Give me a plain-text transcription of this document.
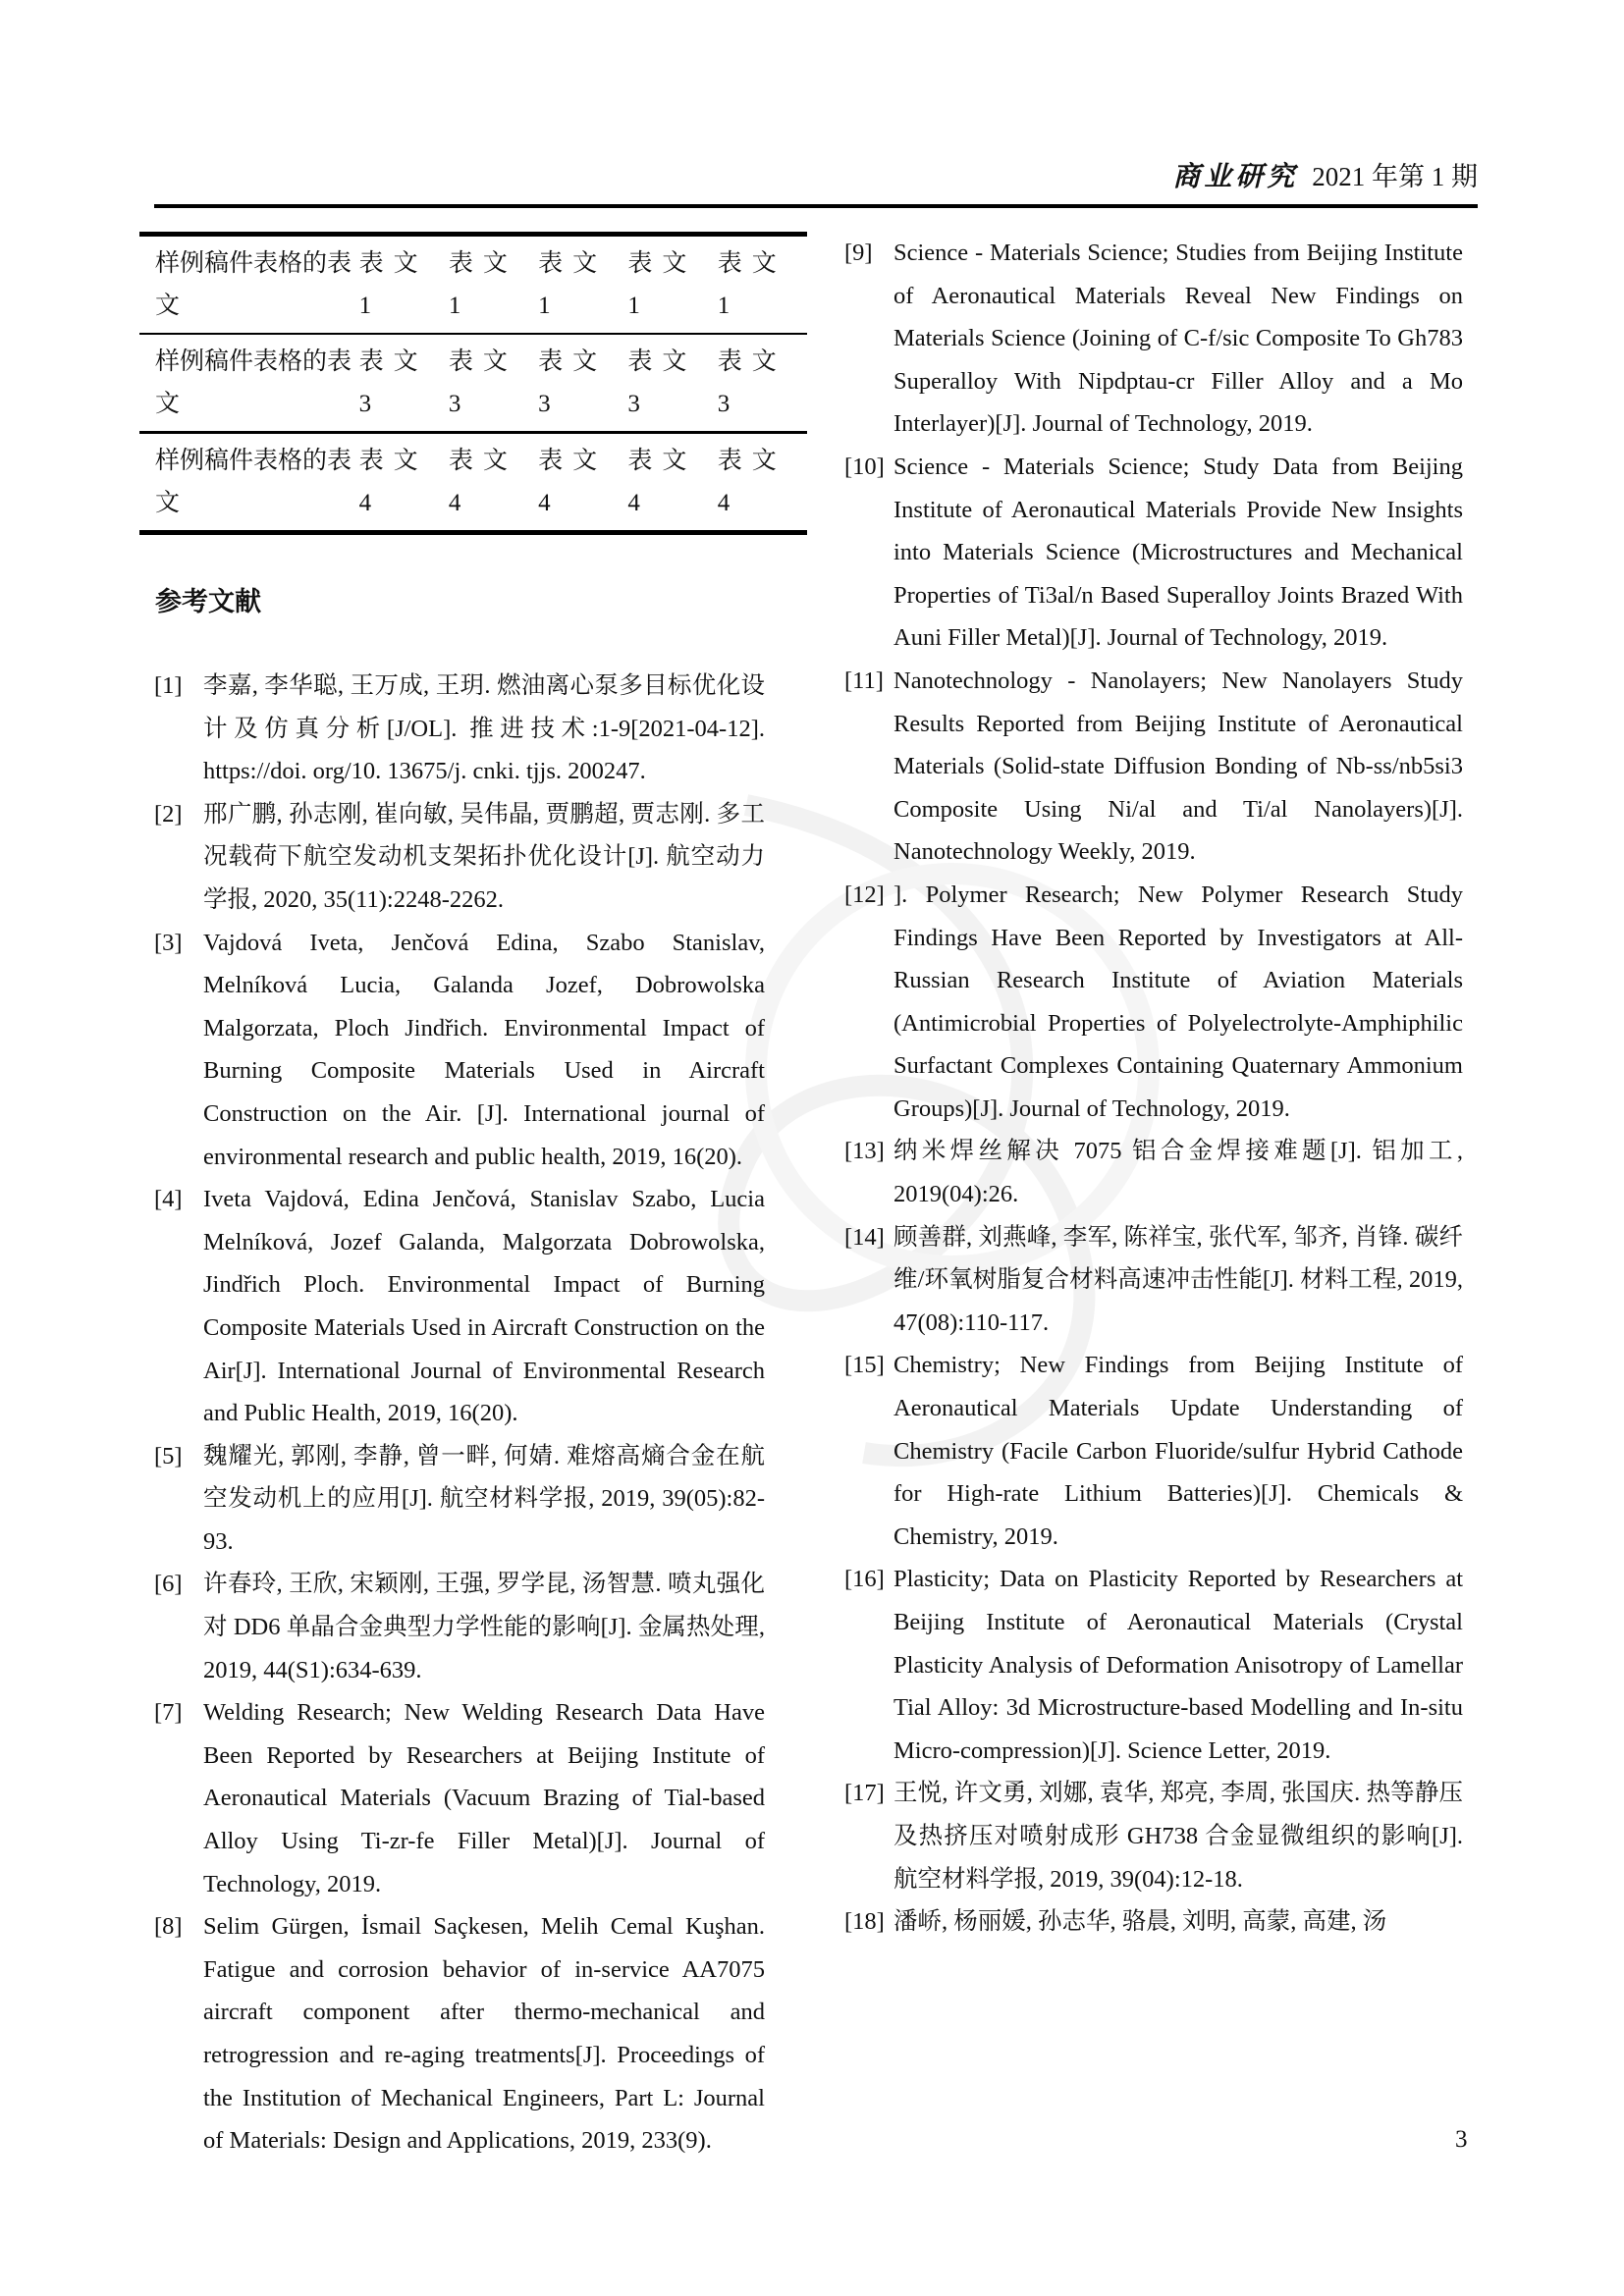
商业研究 2021 年第 1 期
样例稿件表格的表文	表文 1	表文 1	表文 1	表文 1	表文 1
样例稿件表格的表文	表文 3	表文 3	表文 3	表文 3	表文 3
样例稿件表格的表文	表文 4	表文 4	表文 4	表文 4	表文 4
参考文献
[1] 李嘉, 李华聪, 王万成, 王玥. 燃油离心泵多目标优化设计及仿真分析[J/OL]. 推进技术:1-9[2021-04-12]. https://doi. org/10. 13675/j. cnki. tjjs. 200247.
[2] 邢广鹏, 孙志刚, 崔向敏, 吴伟晶, 贾鹏超, 贾志刚. 多工况载荷下航空发动机支架拓扑优化设计[J]. 航空动力学报, 2020, 35(11):2248-2262.
[3] Vajdová Iveta, Jenčová Edina, Szabo Stanislav, Melníková Lucia, Galanda Jozef, Dobrowolska Malgorzata, Ploch Jindřich. Environmental Impact of Burning Composite Materials Used in Aircraft Construction on the Air. [J]. International journal of environmental research and public health, 2019, 16(20).
[4] Iveta Vajdová, Edina Jenčová, Stanislav Szabo, Lucia Melníková, Jozef Galanda, Malgorzata Dobrowolska, Jindřich Ploch. Environmental Impact of Burning Composite Materials Used in Aircraft Construction on the Air[J]. International Journal of Environmental Research and Public Health, 2019, 16(20).
[5] 魏耀光, 郭刚, 李静, 曾一畔, 何婧. 难熔高熵合金在航空发动机上的应用[J]. 航空材料学报, 2019, 39(05):82-93.
[6] 许春玲, 王欣, 宋颖刚, 王强, 罗学昆, 汤智慧. 喷丸强化对 DD6 单晶合金典型力学性能的影响[J]. 金属热处理, 2019, 44(S1):634-639.
[7] Welding Research; New Welding Research Data Have Been Reported by Researchers at Beijing Institute of Aeronautical Materials (Vacuum Brazing of Tial-based Alloy Using Ti-zr-fe Filler Metal)[J]. Journal of Technology, 2019.
[8] Selim Gürgen, İsmail Saçkesen, Melih Cemal Kuşhan. Fatigue and corrosion behavior of in-service AA7075 aircraft component after thermo-mechanical and retrogression and re-aging treatments[J]. Proceedings of the Institution of Mechanical Engineers, Part L: Journal of Materials: Design and Applications, 2019, 233(9).
[9] Science - Materials Science; Studies from Beijing Institute of Aeronautical Materials Reveal New Findings on Materials Science (Joining of C-f/sic Composite To Gh783 Superalloy With Nipdptau-cr Filler Alloy and a Mo Interlayer)[J]. Journal of Technology, 2019.
[10] Science - Materials Science; Study Data from Beijing Institute of Aeronautical Materials Provide New Insights into Materials Science (Microstructures and Mechanical Properties of Ti3al/n Based Superalloy Joints Brazed With Auni Filler Metal)[J]. Journal of Technology, 2019.
[11] Nanotechnology - Nanolayers; New Nanolayers Study Results Reported from Beijing Institute of Aeronautical Materials (Solid-state Diffusion Bonding of Nb-ss/nb5si3 Composite Using Ni/al and Ti/al Nanolayers)[J]. Nanotechnology Weekly, 2019.
[12] ]. Polymer Research; New Polymer Research Study Findings Have Been Reported by Investigators at All-Russian Research Institute of Aviation Materials (Antimicrobial Properties of Polyelectrolyte-Amphiphilic Surfactant Complexes Containing Quaternary Ammonium Groups)[J]. Journal of Technology, 2019.
[13] 纳米焊丝解决 7075 铝合金焊接难题[J]. 铝加工, 2019(04):26.
[14] 顾善群, 刘燕峰, 李军, 陈祥宝, 张代军, 邹齐, 肖锋. 碳纤维/环氧树脂复合材料高速冲击性能[J]. 材料工程, 2019, 47(08):110-117.
[15] Chemistry; New Findings from Beijing Institute of Aeronautical Materials Update Understanding of Chemistry (Facile Carbon Fluoride/sulfur Hybrid Cathode for High-rate Lithium Batteries)[J]. Chemicals & Chemistry, 2019.
[16] Plasticity; Data on Plasticity Reported by Researchers at Beijing Institute of Aeronautical Materials (Crystal Plasticity Analysis of Deformation Anisotropy of Lamellar Tial Alloy: 3d Microstructure-based Modelling and In-situ Micro-compression)[J]. Science Letter, 2019.
[17] 王悦, 许文勇, 刘娜, 袁华, 郑亮, 李周, 张国庆. 热等静压及热挤压对喷射成形 GH738 合金显微组织的影响[J]. 航空材料学报, 2019, 39(04):12-18.
[18] 潘峤, 杨丽媛, 孙志华, 骆晨, 刘明, 高蒙, 高建, 汤
3
